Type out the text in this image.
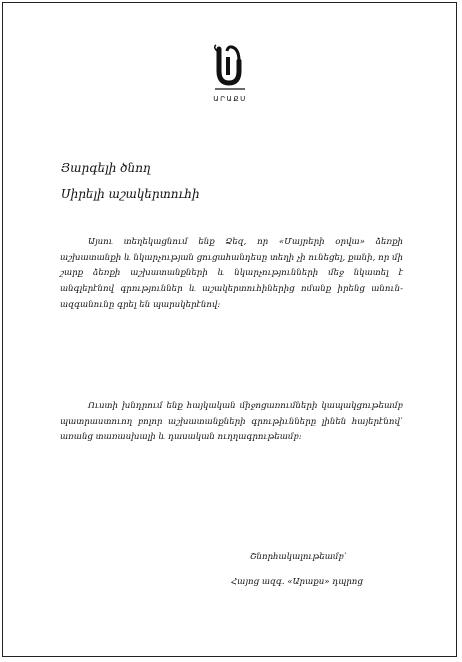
ԱՐԱՔՍ
Յարգելի ծնող
Սիրելի աշակերտուհի

Այսու տեղեկացնում ենք Ձեզ, որ «Մայրերի օրվա» ձեռքի աշխատանքի և նկարչության ցուցահանդեսը տեղի չի ունեցել, քանի, որ մի շարք ձեռքի աշխատանքների և նկարչությունների մեջ նկատել է անգլերէնով գրություններ և աշակերտուհիներից ոմանք իրենց անուն-ազգանունը գրել են պարսկերէնով:

Ուստի խնդրում ենք հայկական միջոցառումների կապակցութեամբ պատրաստուող բոլոր աշխատանքների գրութիւնները լինեն հայերէնով՝ առանց տառասխալի և դասական ուղղագրութեամբ:

Շնորհակալութեամբ՝
Հայոց ազգ. «Արաքս» դպրոց
